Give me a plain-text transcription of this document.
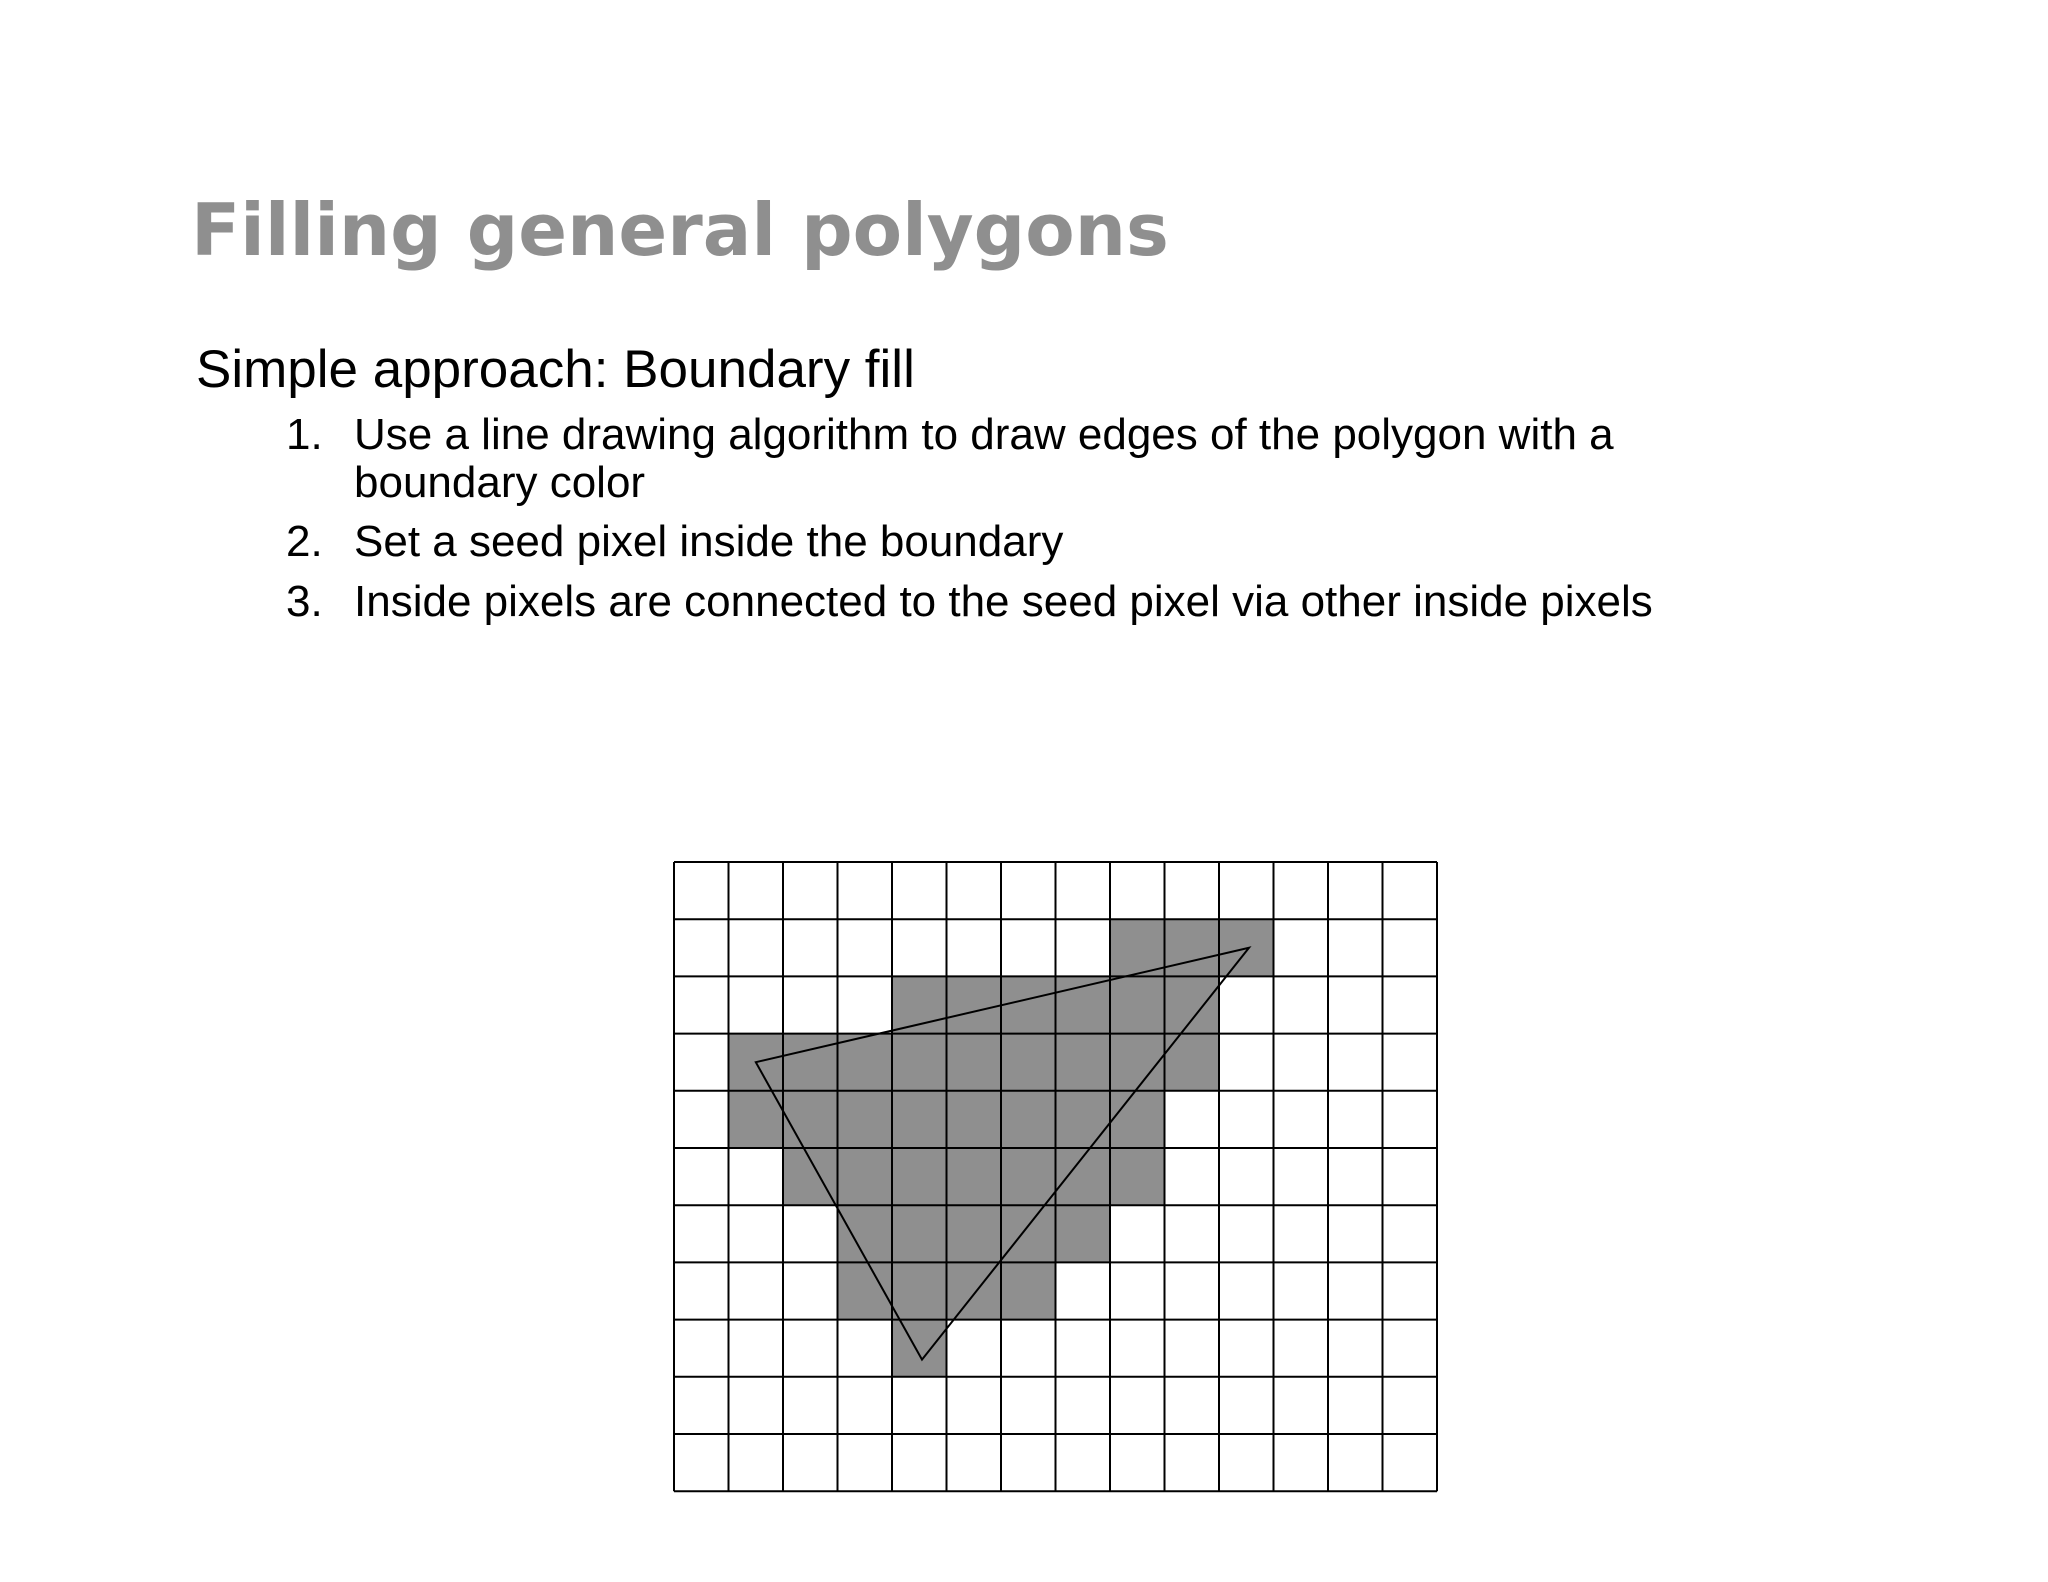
Filling general polygons
Simple approach: Boundary fill
1. Use a line drawing algorithm to draw edges of the polygon with a boundary color
2. Set a seed pixel inside the boundary
3. Inside pixels are connected to the seed pixel via other inside pixels
